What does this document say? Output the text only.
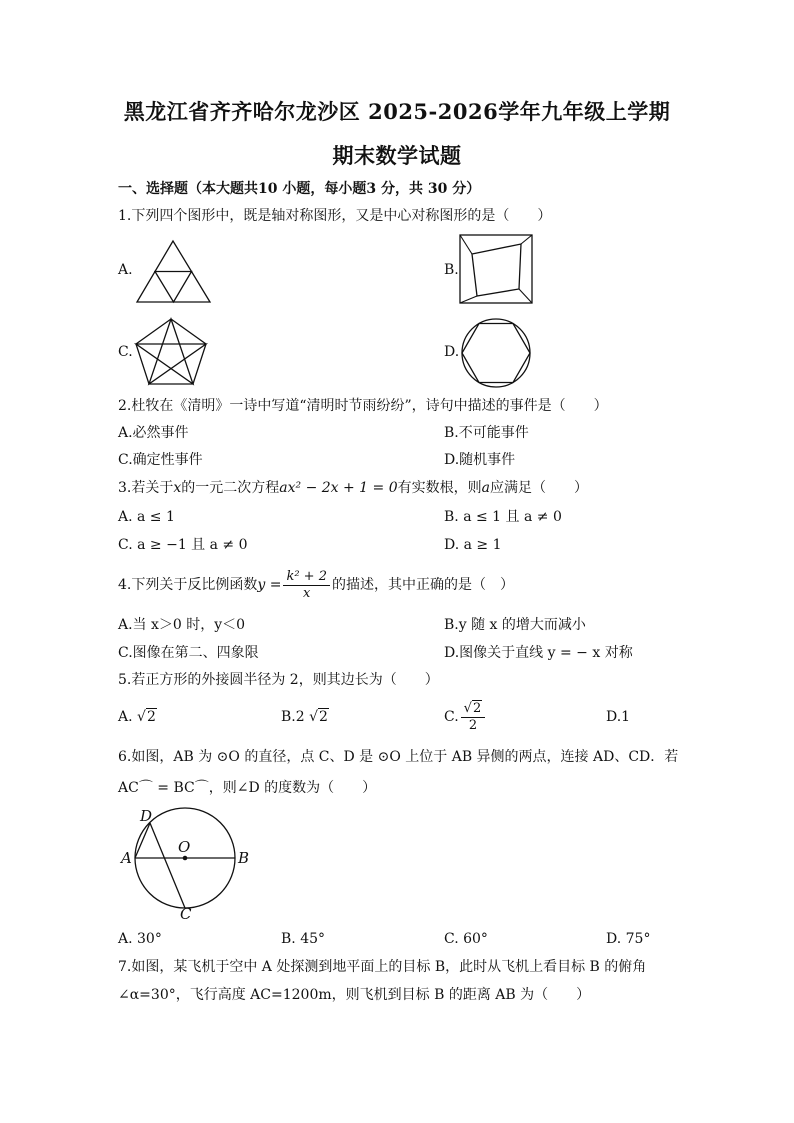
黑龙江省齐齐哈尔龙沙区 2025-2026学年九年级上学期
期末数学试题
一、选择题（本大题共10 小题，每小题3 分，共 30 分）
1.下列四个图形中，既是轴对称图形，又是中心对称图形的是（　　）
A.	B.
C.	D.
2.杜牧在《清明》一诗中写道“清明时节雨纷纷”，诗句中描述的事件是（　　）
A.必然事件	B.不可能事件
C.确定性事件	D.随机事件
3.若关于x的一元二次方程ax² − 2x + 1 = 0有实数根，则a应满足（　　）
A. a ≤ 1	B. a ≤ 1 且 a ≠ 0
C. a ≥ −1 且 a ≠ 0	D. a ≥ 1
4.下列关于反比例函数$y = \frac{\text{k² + 2}}{x}$ 的描述，其中正确的是（　）
A.当 x＞0 时，y＜0	B.y 随 x 的增大而减小
C.图像在第二、四象限	D.图像关于直线 y = − x 对称
5.若正方形的外接圆半径为 2，则其边长为（　　）
A. √2	B.2 √2	C. $\frac{√2}{2}$	D.1
6.如图，AB 为 ⊙O 的直径，点 C、D 是 ⊙O 上位于 AB 异侧的两点，连接 AD、CD．若
AC⌒ = BC⌒，则∠D 的度数为（　　）
D
A
O
B
C
A. 30°	B. 45°	C. 60°	D. 75°
7.如图，某飞机于空中 A 处探测到地平面上的目标 B，此时从飞机上看目标 B 的俯角
∠α=30°，飞行高度 AC=1200m，则飞机到目标 B 的距离 AB 为（　　）
